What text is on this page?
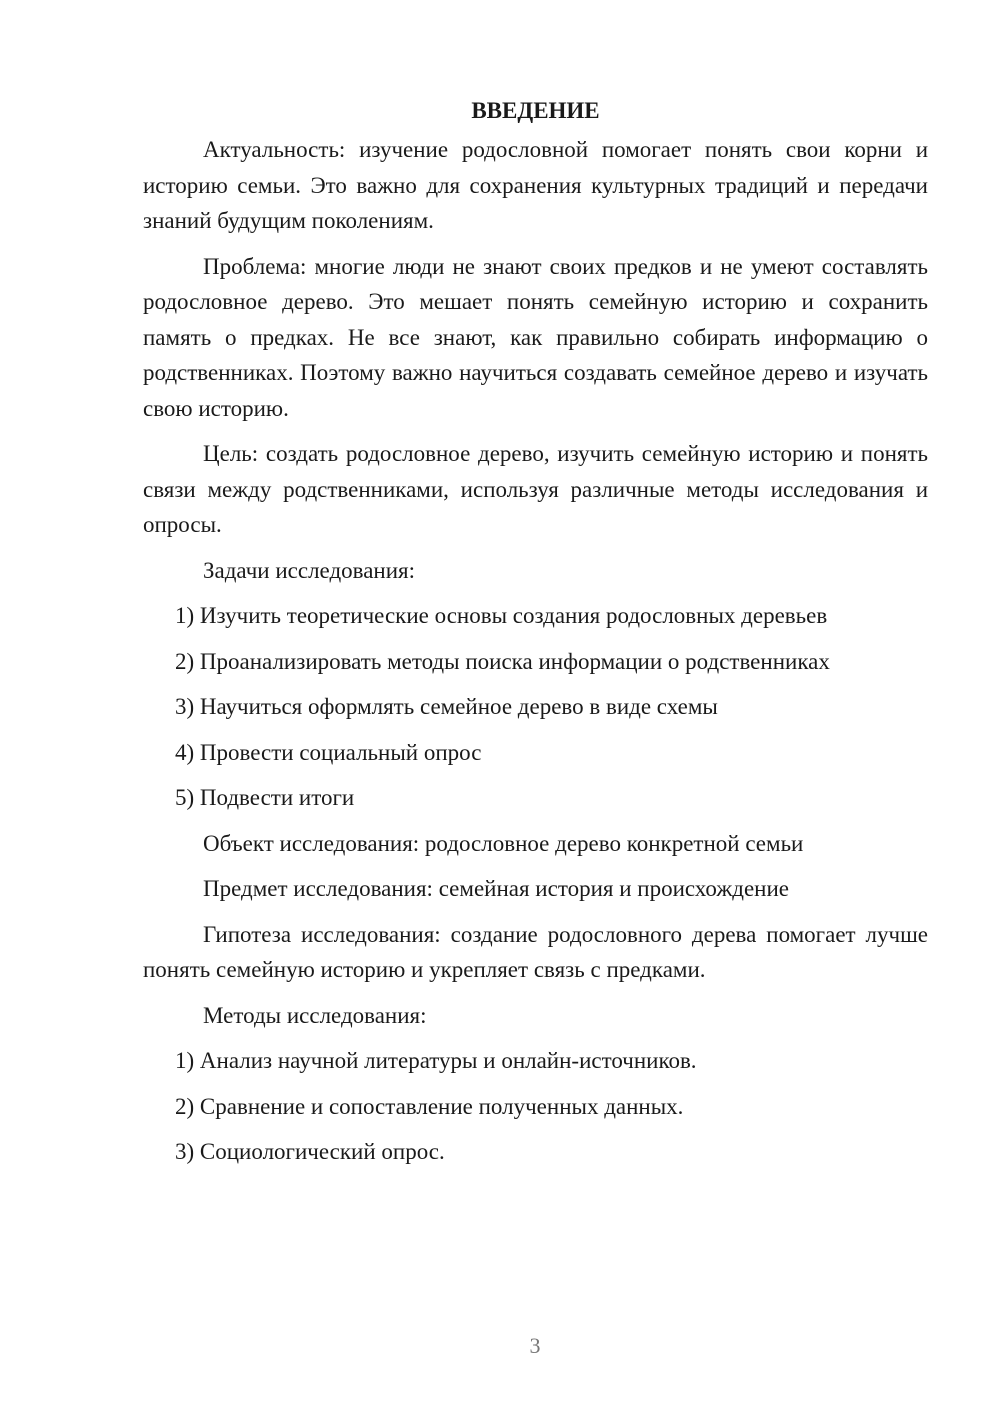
ВВЕДЕНИЕ

Актуальность: изучение родословной помогает понять свои корни и историю семьи. Это важно для сохранения культурных традиций и передачи знаний будущим поколениям.

Проблема: многие люди не знают своих предков и не умеют составлять родословное дерево. Это мешает понять семейную историю и сохранить память о предках. Не все знают, как правильно собирать информацию о родственниках. Поэтому важно научиться создавать семейное дерево и изучать свою историю.

Цель: создать родословное дерево, изучить семейную историю и понять связи между родственниками, используя различные методы исследования и опросы.

Задачи исследования:

1) Изучить теоретические основы создания родословных деревьев

2) Проанализировать методы поиска информации о родственниках

3) Научиться оформлять семейное дерево в виде схемы

4) Провести социальный опрос

5) Подвести итоги

Объект исследования: родословное дерево конкретной семьи

Предмет исследования: семейная история и происхождение

Гипотеза исследования: создание родословного дерева помогает лучше понять семейную историю и укрепляет связь с предками.

Методы исследования:

1) Анализ научной литературы и онлайн-источников.

2) Сравнение и сопоставление полученных данных.

3) Социологический опрос.

3
